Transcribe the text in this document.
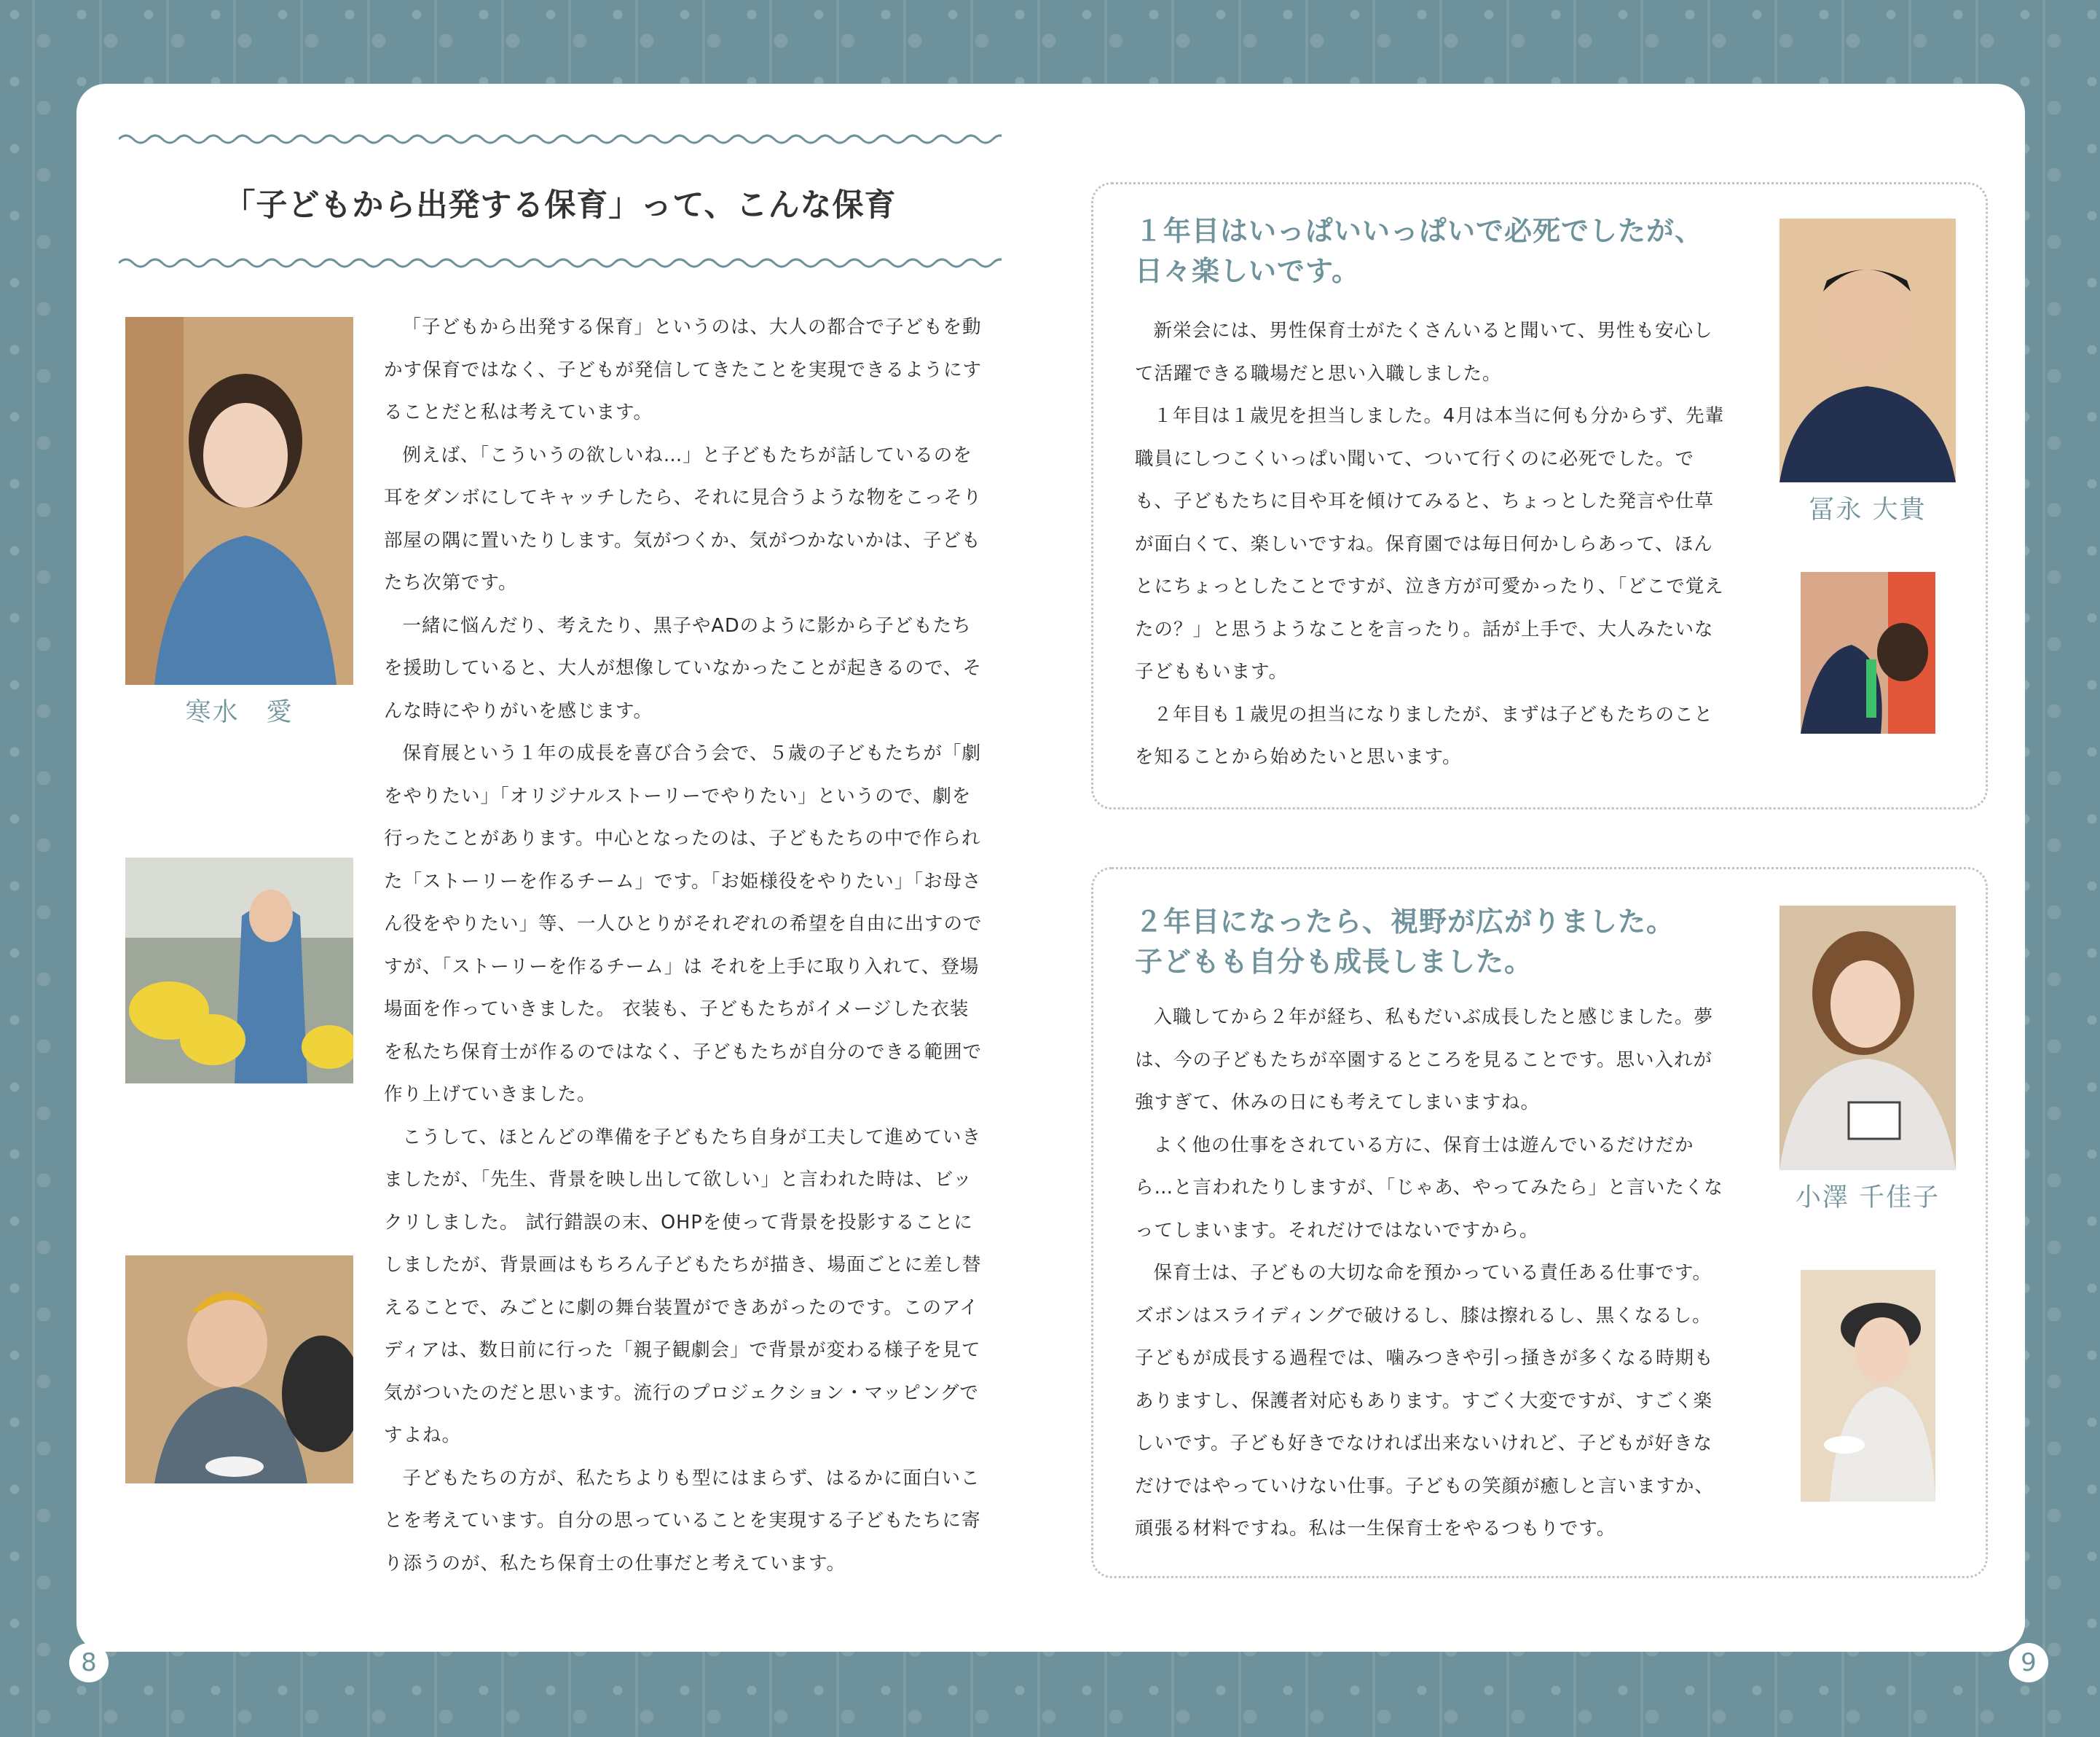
「子どもから出発する保育」って、こんな保育
寒水　愛

「子どもから出発する保育」というのは、大人の都合で子どもを動かす保育ではなく、子どもが発信してきたことを実現できるようにすることだと私は考えています。

例えば、「こういうの欲しいね…」と子どもたちが話しているのを耳をダンボにしてキャッチしたら、それに見合うような物をこっそり部屋の隅に置いたりします。気がつくか、気がつかないかは、子どもたち次第です。

一緒に悩んだり、考えたり、黒子やADのように影から子どもたちを援助していると、大人が想像していなかったことが起きるので、そんな時にやりがいを感じます。

保育展という１年の成長を喜び合う会で、５歳の子どもたちが「劇をやりたい」「オリジナルストーリーでやりたい」というので、劇を行ったことがあります。中心となったのは、子どもたちの中で作られた「ストーリーを作るチーム」です。「お姫様役をやりたい」「お母さん役をやりたい」等、一人ひとりがそれぞれの希望を自由に出すのですが、「ストーリーを作るチーム」は それを上手に取り入れて、登場場面を作っていきました。 衣装も、子どもたちがイメージした衣装を私たち保育士が作るのではなく、子どもたちが自分のできる範囲で作り上げていきました。

こうして、ほとんどの準備を子どもたち自身が工夫して進めていきましたが、「先生、背景を映し出して欲しい」と言われた時は、ビックリしました。 試行錯誤の末、OHPを使って背景を投影することにしましたが、背景画はもちろん子どもたちが描き、場面ごとに差し替えることで、みごとに劇の舞台装置ができあがったのです。このアイディアは、数日前に行った「親子観劇会」で背景が変わる様子を見て気がついたのだと思います。流行のプロジェクション・マッピングですよね。

子どもたちの方が、私たちよりも型にはまらず、はるかに面白いことを考えています。自分の思っていることを実現する子どもたちに寄り添うのが、私たち保育士の仕事だと考えています。

8
１年目はいっぱいいっぱいで必死でしたが、
日々楽しいです。

新栄会には、男性保育士がたくさんいると聞いて、男性も安心して活躍できる職場だと思い入職しました。

１年目は１歳児を担当しました。4月は本当に何も分からず、先輩職員にしつこくいっぱい聞いて、ついて行くのに必死でした。でも、子どもたちに目や耳を傾けてみると、ちょっとした発言や仕草が面白くて、楽しいですね。保育園では毎日何かしらあって、ほんとにちょっとしたことですが、泣き方が可愛かったり、「どこで覚えたの？」と思うようなことを言ったり。話が上手で、大人みたいな子どももいます。

２年目も１歳児の担当になりましたが、まずは子どもたちのことを知ることから始めたいと思います。

冨永 大貴
２年目になったら、視野が広がりました。
子どもも自分も成長しました。

入職してから２年が経ち、私もだいぶ成長したと感じました。夢は、今の子どもたちが卒園するところを見ることです。思い入れが強すぎて、休みの日にも考えてしまいますね。

よく他の仕事をされている方に、保育士は遊んでいるだけだから…と言われたりしますが、「じゃあ、やってみたら」と言いたくなってしまいます。それだけではないですから。

保育士は、子どもの大切な命を預かっている責任ある仕事です。ズボンはスライディングで破けるし、膝は擦れるし、黒くなるし。子どもが成長する過程では、噛みつきや引っ掻きが多くなる時期もありますし、保護者対応もあります。すごく大変ですが、すごく楽しいです。子ども好きでなければ出来ないけれど、子どもが好きなだけではやっていけない仕事。子どもの笑顔が癒しと言いますか、頑張る材料ですね。私は一生保育士をやるつもりです。

小澤 千佳子
9
